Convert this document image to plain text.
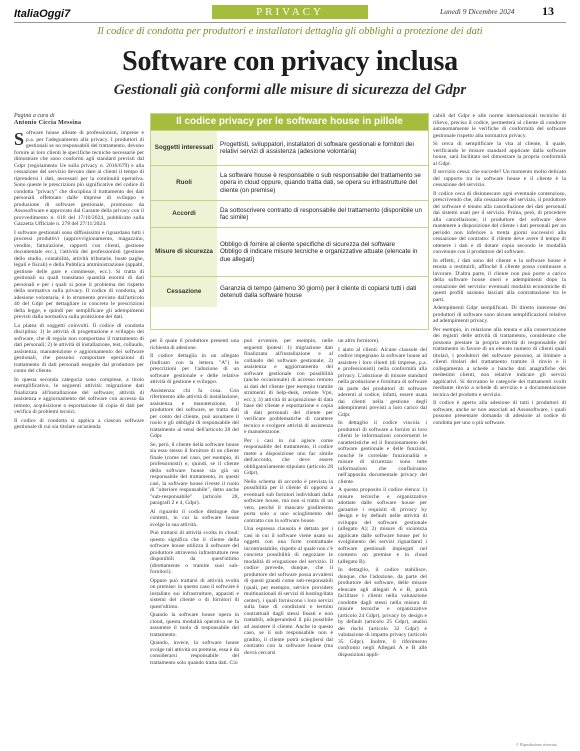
ItaliaOggi7	PRIVACY	Lunedì 9 Dicembre 2024 13
Il codice di condotta per produttori e installatori dettaglia gli obblighi a protezione dei dati
Software con privacy inclusa
Gestionali già conformi alle misure di sicurezza del Gdpr
Pagina a cura di
Antonio Ciccia Messina
S oftware house alleate di professionisti, imprese e p.a. per l'adeguamento alla privacy. I produttori di gestionali se no responsabili del trattamento, devono fornire ai loro clienti le specifiche tecniche necessarie per dimostrare che sono conformi agli standard previsti dal Gdpr (regolamento Ue sulla privacy n. 2016/679) e alla cessazione del servizio devono dare ai clienti il tempo di riprendersi i dati, necessari per la continuità operativa. Sono queste le prescrizioni più significative del codice di condotta "privacy" che disciplina il trattamento dei dati personali effettuato dalle imprese di sviluppo e produzione di software gestionale, promosso da Assosoftware e approvato dal Garante della privacy con il provvedimento n. 618 del 17/10/2024, pubblicato sulla Gazzetta Ufficiale n. 278 del 27/11/2024.

I software gestionali sono diffusissimi e riguardano tutti i processi produttivi (approvvigionamento, magazzino, vendite, fatturazione, rapporti con clienti, gestione documentale ecc.), l'attività dei professionisti (gestione dello studio, contabilità, attività tributarie, buste paghe, legali e fiscali) e della Pubblica amministrazione (appalti, gestione delle gare e commesse, ecc.). Si tratta di gestionali su quali transitano quantità enormi di dati personali e per i quali si pone il problema del rispetto della normativa sulla privacy. Il codice di condotta, ad adesione volontaria, è lo strumento previsto dall'articolo 40 del Gdpr per dettagliare in concreto le prescrizioni della legge, e quindi per semplificare gli adempimenti previsti dalla normativa sulla protezione dei dati.

La platea di soggetti coinvolti. Il codice di condotta disciplina: 1) le attività di progettazione e sviluppo dei software, che di regola non comportano il trattamento di dati personali; 2) le attività di installazione, test, collaudo, assistenza, manutenzione e aggiornamento dei software gestionali, che possono comportare operazioni di trattamento di dati personali eseguite dal produttore per conto del cliente.

In questa seconda categoria sono comprese, a titolo esemplificativo, le seguenti attività: migrazione dati finalizzata all'installazione del software; attività di assistenza e aggiornamento del software con accesso da remoto, acquisizione o esportazione di copia di dati per verifica di problemi tecnici.

Il codice di condotta si applica a ciascun software gestionale di cui sia titolare un'azienda

Il codice privacy per le software house in pillole
Soggetti interessati	Progettisti, sviluppatori, installatori di software gestionali e fornitori dei relativi servizi di assistenza (adesione volontaria)
Ruoli	La software house è responsabile o sub responsabile del trattamento se opera in cloud oppure, quando tratta dati, se opera su infrastrutture del cliente (on premise)
Accordi	Da sottoscrivere contratto di responsabile del trattamento (disponibile un fac simile)
Misure di sicurezza	Obbligo di fornire al cliente specifiche di sicurezza del software
Obbligo di indicare misure tecniche e organizzative attuate (elencate in due allegati)
Cessazione	Garanzia di tempo (almeno 30 giorni) per il cliente di copiarsi tutti i dati detenuti dalla software house

per il quale il produttore presenti una richiesta di adesione.

Il codice dettaglia in un allegato (indicato con la lettera "A") le prescrizioni per l'adozione di un software gestionale e delle relative attività di gestione e sviluppo.

Assistenza: chi fa cosa. Con riferimento alle attività di installazione, assistenza e manutenzione, il produttore del software, se tratta dati per conto del cliente, può assumere il ruolo e gli obblighi di responsabile del trattamento ai sensi dell'articolo 28 del Gdpr.

Se, però, il cliente della software house sia esso stesso il fornitore di un cliente finale (come nel caso, per esempio, di professionisti) e, quindi, se il cliente della software house sia già un responsabile del trattamento, in questi casi, la software house riveste il ruolo di "ulteriore responsabile", detto anche "sub-responsabile" (articolo 28, paragrafi 2 e 4, Gdpr).

Al riguardo il codice distingue due contesti, in cui la software house svolge la sua attività.

Può trattarsi di attività svolta in cloud: questo significa che il cliente della software house utilizza il software del produttore attraverso infrastrutture rese disponibili da quest'ultimo (direttamente o tramite suoi sub-fornitori).

Oppure può trattarsi di attività svolta on premise: in questo caso il software è installato sui infrastrutture, apparati e sistemi del cliente o di fornitori di quest'ultimo.

Quando la software house opera in cloud, questa modalità operativa ne fa assumere il ruolo di responsabile del trattamento.

Quando, invece, la software house svolge tali attività on premise, essa è da considerarsi responsabile del trattamento solo quando tratta dati. Ciò

può avvenire, per esempio, nelle seguenti ipotesi: 1) migrazione dati finalizzata all'installazione e al collaudo del software gestionale; 2) assistenza e aggiornamento del software gestionale con possibilità (anche occasionale) di accesso remoto ai dati del cliente (per esempio tramite strumenti di help-desk, remote Vpn, ecc.); 3) attività di acquisizione di data base del cliente e esportazione e copia di dati personali del cliente per verificare problematiche di carattere tecnico e svolgere attività di assistenza e manutenzione.

Per i casi in cui agisce come responsabile del trattamento, il codice mette a disposizione uno fac simile dell'accordo, che deve essere obbligatoriamente stipulato (articolo 28 Gdpr).

Nello schema di accordo è prevista la possibilità per il cliente di opporsi a eventuali sub fornitori individuati dalla software house, ma non si tratta di un veto, perché il mancato gradimento porta solo a uno scioglimento del contratto con la software house.

Una espressa clausola è dettata per i casi in cui il software viene usato su oggetti con una forte contrattuale incontrastabile, rispetto al quale non c'è concreta possibilità di negoziare le modalità di erogazione del servizio. Il codice prevede, dunque, che il produttore del software possa avvalersi di questi grandi come sub-responsabili (quali, per esempio, service providers multinazionali di servizi di hosting/data center), i quali forniscono i loro servizi sulla base di condizioni e termini contrattuali dagli stessi fissati e non trattabili, adoperandosi il più possibile ad assistere il cliente. Anche in questo caso, se il sub responsabile non è gradito, il cliente potrà sciegliersi dal contratto con la software house (ma dovrà cercarsi

un altro fornitore).

I aiuto al clienti. Alcune clausole del codice impegnano la software house ad assistere i loro clienti (di imprese, p.a. e professionisti) nella conformità alla privacy. L'adozione di misure standard nella produzione e fornitura di software da parte dei produttori di software aderenti al codice, infatti, essere usata dai clienti nella gestione degli adempimenti previsti a loro carico dal Gdpr.

In dettaglio il codice vincola i produttori di software a fornire ai loro clienti le informazioni concernenti le caratteristiche ed il funzionamento del software gestionale e delle funzioni, nonché le correlate funzionalità e misure di sicurezza: sono tutte informazioni che confluiranno nell'apposita documentale privacy del cliente.

A questo proposito il codice elenca: 1) misure tecniche e organizzative adottate dalle software house per garantire i requisiti di privacy by design e by default nelle attività di sviluppo del software gestionale (allegato A); 2) misure di sicurezza applicate dalle software house per lo svolgimento dei servizi riguardanti i software gestionali impiegati nel contesto on premise e in cloud (allegato B).

In dettaglio, il codice stabilisce, dunque, che l'adozione, da parte del produttore del software, delle misure elencate agli allegati A e B, potrà facilitare i clienti nella valutazione condotte dagli stessi nella misura di misure tecniche e organizzative (articolo 24 Gdpr), privacy by design e by default (articolo 25 Gdpr), analisi dei rischi (articolo 32 Gdpr) e valutazione di impatto privacy (articolo 35 Gdpr). Inoltre, il riferimento confronto negli Allegati A e B alle disposizioni appli-

cabili del Gdpr e alle norme internazionali tecniche di rilievo, precisa il codice, permetterà al cliente di condurre autonomamente le verifiche di conformità del software gestionale rispetto alla normativa privacy.

Si cerca di semplificare la vita al cliente, il quale, verificando le misure standard applicate dalla software house, sarà facilitato nel dimostrare la propria conformità al Gdpr.

Il servizio cessa: che succede? Un momento molto delicato del rapporto tra la software house e il cliente è la cessazione del servizio.

Il codice ceca di disinnescare ogni eventuale contenzioso, prescrivendo che, alla cessazione del servizio, il produttore del software è tenuto alla cancellazione dei dati personali dai sistemi usati per il servizio. Prima, però, di procedere alla cancellazione, il produttore del software deve mantenere a disposizione del cliente i dati personali per un periodo non inferiore a trenta giorni successivi alla cessazione del contratto: il cliente deve avere il tempo di ottenere i dati e di dotare copia secondo le modalità convenute con il produttore del software.

In effetti, i dati sono del cliente e la software house è tenuta a restituirli, affinché il cliente possa continuare a lavorare. D'altra parte, il cliente non può porre a carico della software house oneri e adempimenti dopo la cessazione del servizio: eventuali modalità economiche di questi profili saranno lasciati alla contrattazione tra le parti.

Adempimenti Gdpr semplificati. Di diretto interesse dei produttori di software sono alcune semplificazioni relative ad adempimenti privacy.

Per esempio, in relazione alla tenuta e alla conservazione dei registri delle attività di trattamento, considerato che possono prestare la propria attività di responsabile del trattamento in favore di un elevato numero di clienti quali titolari, i produttori del software possono, ai limitare a clienti titolari del trattamento tramite il rinvio e il collegamento a schede o banche dati anagrafiche dei medesimi clienti, non relative indicare gli servizi applicativi. Si dovranno le categorie dei trattamenti svolti mediante rinvio a schede di servizio e a documentazione tecnica del prodotto e servizio.

Il codice è aperto alla adesione di tutti i produttori di software, anche se non associati ad Assosoftware, i quali possono presentare domanda di adesione al codice di condotta per uno o più software.

© Riproduzione riservata
